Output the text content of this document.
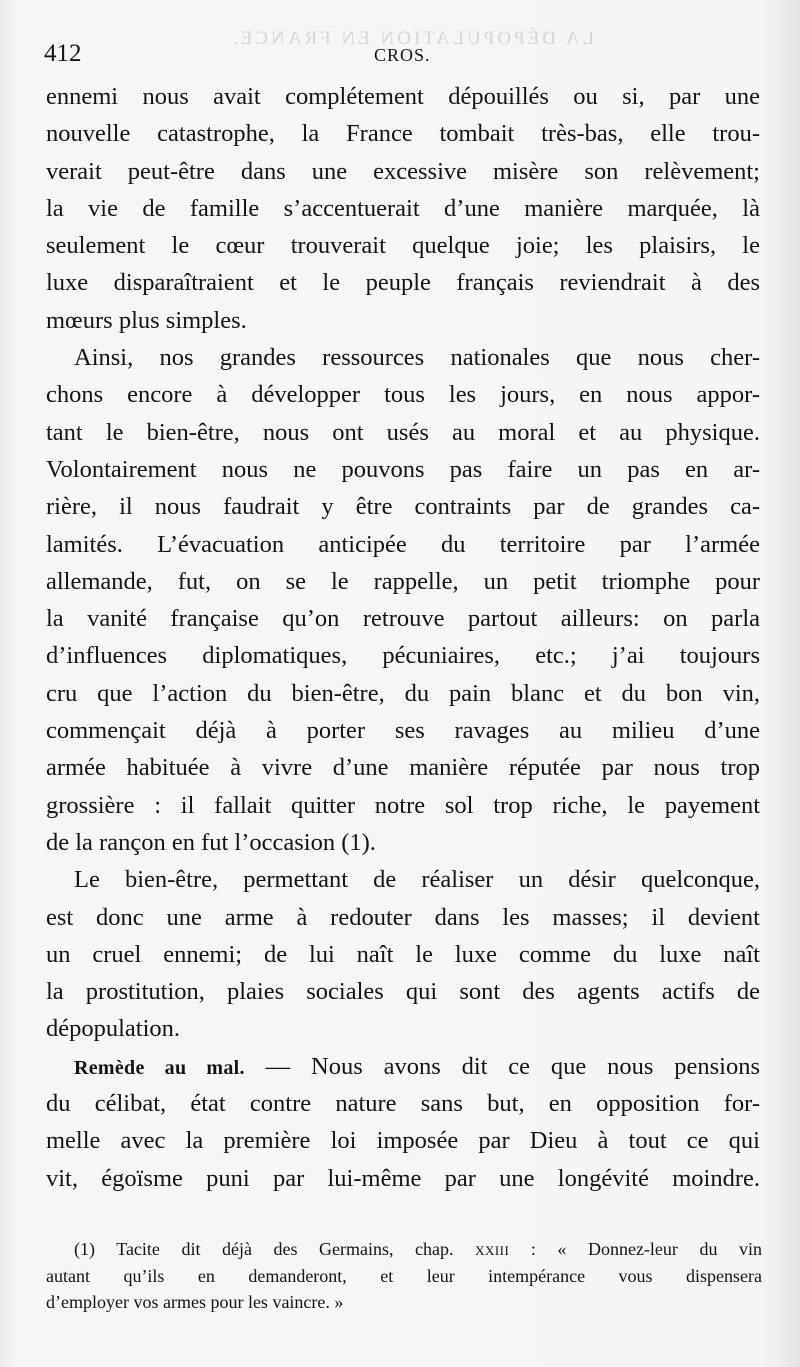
LA DÉPOPULATION EN FRANCE.
412	CROS.
ennemi nous avait complétement dépouillés ou si, par une
nouvelle catastrophe, la France tombait très-bas, elle trou-
verait peut-être dans une excessive misère son relèvement;
la vie de famille s’accentuerait d’une manière marquée, là
seulement le cœur trouverait quelque joie; les plaisirs, le
luxe disparaîtraient et le peuple français reviendrait à des
mœurs plus simples.
Ainsi, nos grandes ressources nationales que nous cher-
chons encore à développer tous les jours, en nous appor-
tant le bien-être, nous ont usés au moral et au physique.
Volontairement nous ne pouvons pas faire un pas en ar-
rière, il nous faudrait y être contraints par de grandes ca-
lamités. L’évacuation anticipée du territoire par l’armée
allemande, fut, on se le rappelle, un petit triomphe pour
la vanité française qu’on retrouve partout ailleurs: on parla
d’influences diplomatiques, pécuniaires, etc.; j’ai toujours
cru que l’action du bien-être, du pain blanc et du bon vin,
commençait déjà à porter ses ravages au milieu d’une
armée habituée à vivre d’une manière réputée par nous trop
grossière : il fallait quitter notre sol trop riche, le payement
de la rançon en fut l’occasion (1).
Le bien-être, permettant de réaliser un désir quelconque,
est donc une arme à redouter dans les masses; il devient
un cruel ennemi; de lui naît le luxe comme du luxe naît
la prostitution, plaies sociales qui sont des agents actifs de
dépopulation.
Remède au mal. — Nous avons dit ce que nous pensions
du célibat, état contre nature sans but, en opposition for-
melle avec la première loi imposée par Dieu à tout ce qui
vit, égoïsme puni par lui-même par une longévité moindre.
(1) Tacite dit déjà des Germains, chap. xxiii : « Donnez-leur du vin
autant qu’ils en demanderont, et leur intempérance vous dispensera
d’employer vos armes pour les vaincre. »
